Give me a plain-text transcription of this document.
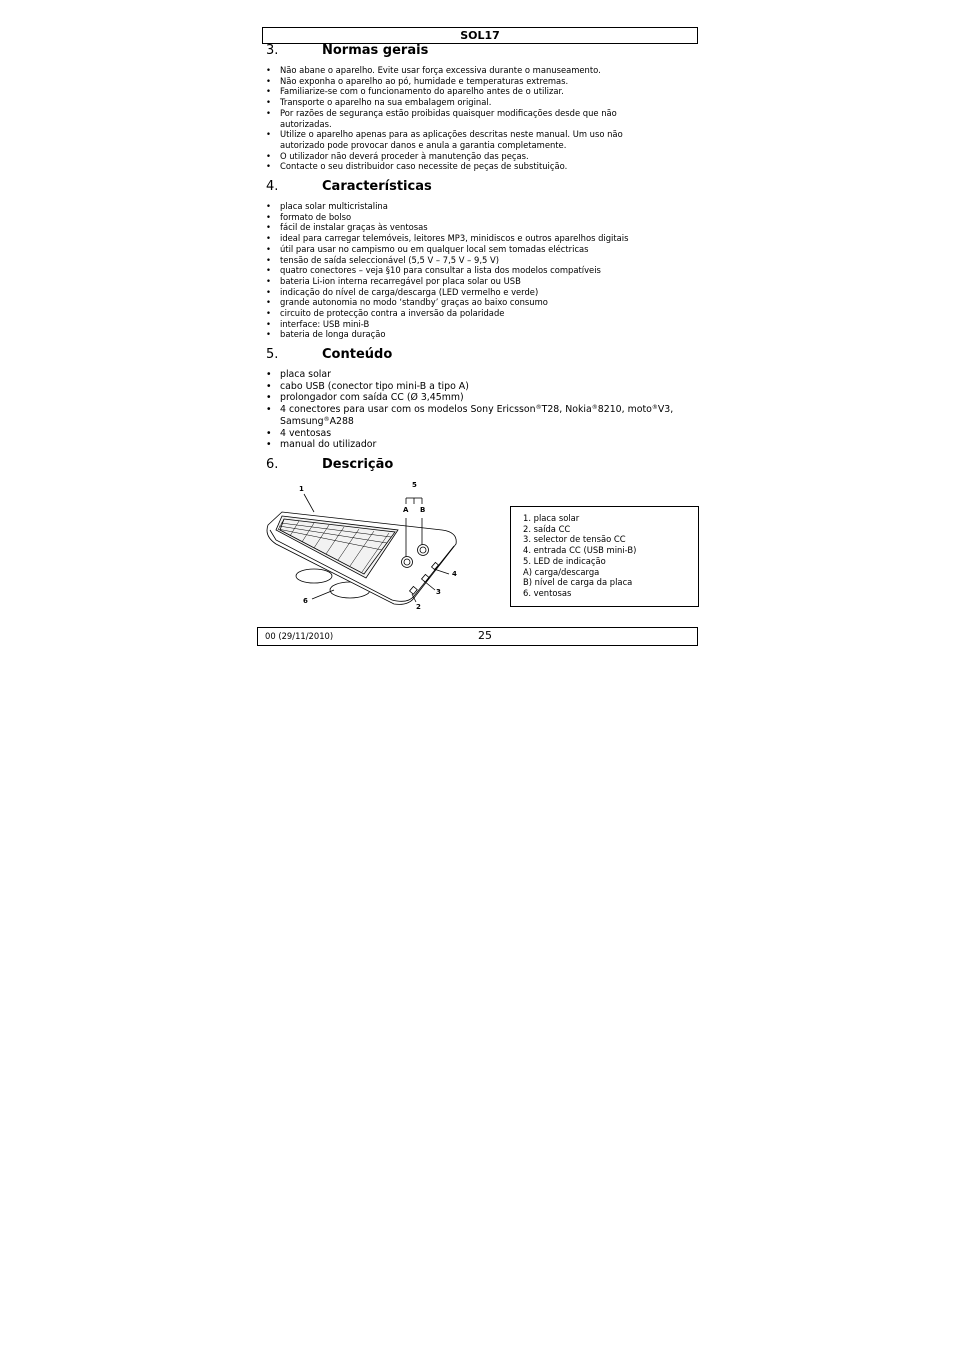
SOL17
3.	Normas gerais
• Não abane o aparelho. Evite usar força excessiva durante o manuseamento.
• Não exponha o aparelho ao pó, humidade e temperaturas extremas.
• Familiarize-se com o funcionamento do aparelho antes de o utilizar.
• Transporte o aparelho na sua embalagem original.
• Por razões de segurança estão proibidas quaisquer modificações desde que não autorizadas.
• Utilize o aparelho apenas para as aplicações descritas neste manual. Um uso não autorizado pode provocar danos e anula a garantia completamente.
• O utilizador não deverá proceder à manutenção das peças.
• Contacte o seu distribuidor caso necessite de peças de substituição.
4.	Características
• placa solar multicristalina
• formato de bolso
• fácil de instalar graças às ventosas
• ideal para carregar telemóveis, leitores MP3, minidiscos e outros aparelhos digitais
• útil para usar no campismo ou em qualquer local sem tomadas eléctricas
• tensão de saída seleccionável (5,5 V – 7,5 V – 9,5 V)
• quatro conectores – veja §10 para consultar a lista dos modelos compatíveis
• bateria Li-ion interna recarregável por placa solar ou USB
• indicação do nível de carga/descarga (LED vermelho e verde)
• grande autonomia no modo ‘standby’ graças ao baixo consumo
• circuito de protecção contra a inversão da polaridade
• interface: USB mini-B
• bateria de longa duração
5.	Conteúdo
• placa solar
• cabo USB (conector tipo mini-B a tipo A)
• prolongador com saída CC (Ø 3,45mm)
• 4 conectores para usar com os modelos Sony Ericsson®T28, Nokia®8210, moto®V3, Samsung®A288
• 4 ventosas
• manual do utilizador
6.	Descrição
1	5
A B
4
3
6
2
1. placa solar
2. saída CC
3. selector de tensão CC
4. entrada CC (USB mini-B)
5. LED de indicação
A) carga/descarga
B) nível de carga da placa
6. ventosas
00 (29/11/2010)	25
